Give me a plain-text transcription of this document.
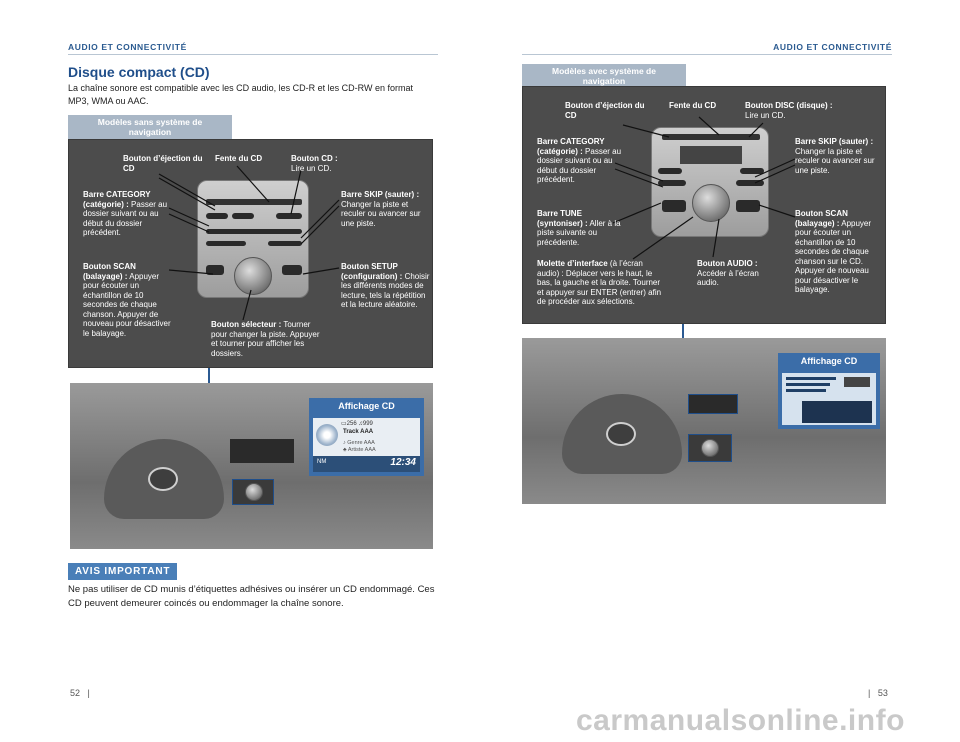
AUDIO ET CONNECTIVITÉ
Disque compact (CD)

La chaîne sonore est compatible avec les CD audio, les CD-R et les CD-RW en format MP3, WMA ou AAC.

Modèles sans système de navigation
Bouton d’éjection du CD
Fente du CD	Bouton CD :
Lire un CD.
Barre CATEGORY (catégorie) : Passer au dossier suivant ou au début du dossier précédent.
Barre SKIP (sauter) : Changer la piste et reculer ou avancer sur une piste.
Bouton SCAN (balayage) : Appuyer pour écouter un échantillon de 10 secondes de chaque chanson. Appuyer de nouveau pour désactiver le balayage.
Bouton SETUP (configuration) : Choisir les différents modes de lecture, tels la répétition et la lecture aléatoire.
Bouton sélecteur : Tourner pour changer la piste. Appuyer et tourner pour afficher les dossiers.
Affichage CD
▭256 ♫999
Track AAA
♪ Genre AAA
♣ Artiste AAA
NM	12:34
AVIS IMPORTANT

Ne pas utiliser de CD munis d’étiquettes adhésives ou insérer un CD endommagé. Ces CD peuvent demeurer coincés ou endommager la chaîne sonore.

52   |
AUDIO ET CONNECTIVITÉ
Modèles avec système de navigation
Bouton d’éjection du CD
Fente du CD	Bouton DISC (disque) : Lire un CD.
Barre CATEGORY (catégorie) : Passer au dossier suivant ou au début du dossier précédent.
Barre SKIP (sauter) : Changer la piste et reculer ou avancer sur une piste.
Barre TUNE (syntoniser) : Aller à la piste suivante ou précédente.
Bouton SCAN (balayage) : Appuyer pour écouter un échantillon de 10 secondes de chaque chanson sur le CD. Appuyer de nouveau pour désactiver le balayage.
Molette d’interface (à l’écran audio) : Déplacer vers le haut, le bas, la gauche et la droite. Tourner et appuyer sur ENTER (entrer) afin de procéder aux sélections.
Bouton AUDIO : Accéder à l’écran audio.
Affichage CD
|   53
carmanualsonline.info
